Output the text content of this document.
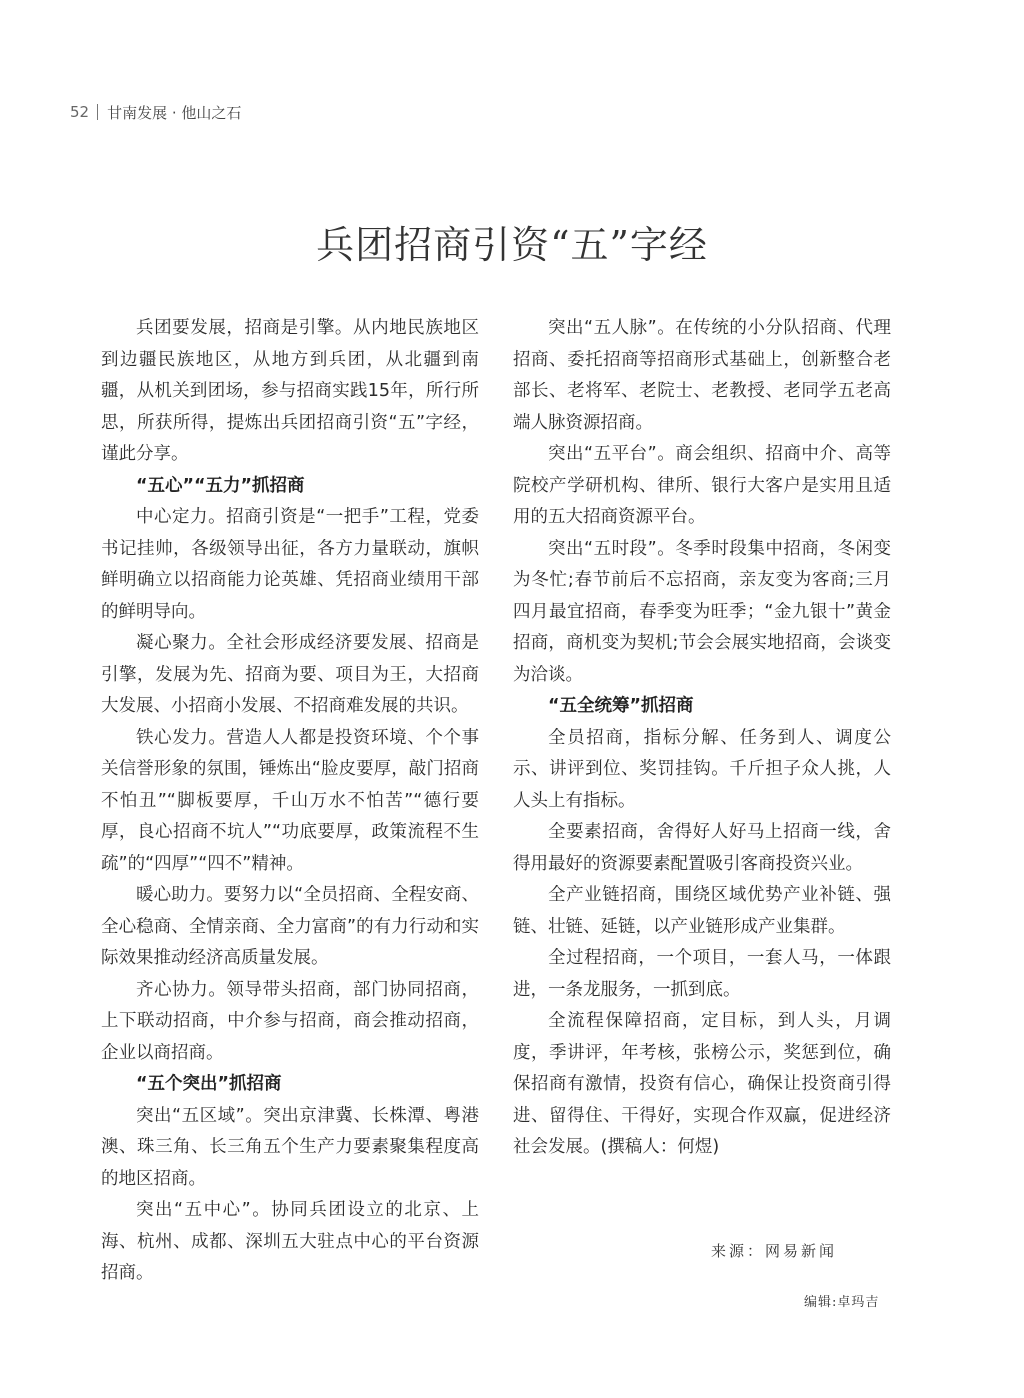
52 甘南发展 · 他山之石
兵团招商引资“五”字经

兵团要发展，招商是引擎。从内地民族地区到边疆民族地区，从地方到兵团，从北疆到南疆，从机关到团场，参与招商实践15年，所行所思，所获所得，提炼出兵团招商引资“五”字经，谨此分享。

“五心”“五力”抓招商

中心定力。招商引资是“一把手”工程，党委书记挂帅，各级领导出征，各方力量联动，旗帜鲜明确立以招商能力论英雄、凭招商业绩用干部的鲜明导向。

凝心聚力。全社会形成经济要发展、招商是引擎，发展为先、招商为要、项目为王，大招商大发展、小招商小发展、不招商难发展的共识。

铁心发力。营造人人都是投资环境、个个事关信誉形象的氛围，锤炼出“脸皮要厚，敲门招商不怕丑”“脚板要厚，千山万水不怕苦”“德行要厚，良心招商不坑人”“功底要厚，政策流程不生疏”的“四厚”“四不”精神。

暖心助力。要努力以“全员招商、全程安商、全心稳商、全情亲商、全力富商”的有力行动和实际效果推动经济高质量发展。

齐心协力。领导带头招商，部门协同招商，上下联动招商，中介参与招商，商会推动招商，企业以商招商。

“五个突出”抓招商

突出“五区域”。突出京津冀、长株潭、粤港澳、珠三角、长三角五个生产力要素聚集程度高的地区招商。

突出“五中心”。协同兵团设立的北京、上海、杭州、成都、深圳五大驻点中心的平台资源招商。

突出“五人脉”。在传统的小分队招商、代理招商、委托招商等招商形式基础上，创新整合老部长、老将军、老院士、老教授、老同学五老高端人脉资源招商。

突出“五平台”。商会组织、招商中介、高等院校产学研机构、律所、银行大客户是实用且适用的五大招商资源平台。

突出“五时段”。冬季时段集中招商，冬闲变为冬忙;春节前后不忘招商，亲友变为客商;三月四月最宜招商，春季变为旺季；“金九银十”黄金招商，商机变为契机;节会会展实地招商，会谈变为洽谈。

“五全统筹”抓招商

全员招商，指标分解、任务到人、调度公示、讲评到位、奖罚挂钩。千斤担子众人挑，人人头上有指标。

全要素招商，舍得好人好马上招商一线，舍得用最好的资源要素配置吸引客商投资兴业。

全产业链招商，围绕区域优势产业补链、强链、壮链、延链，以产业链形成产业集群。

全过程招商，一个项目，一套人马，一体跟进，一条龙服务，一抓到底。

全流程保障招商，定目标，到人头，月调度，季讲评，年考核，张榜公示，奖惩到位，确保招商有激情，投资有信心，确保让投资商引得进、留得住、干得好，实现合作双赢，促进经济社会发展。(撰稿人：何煜)

来源：网易新闻
编辑:卓玛吉
